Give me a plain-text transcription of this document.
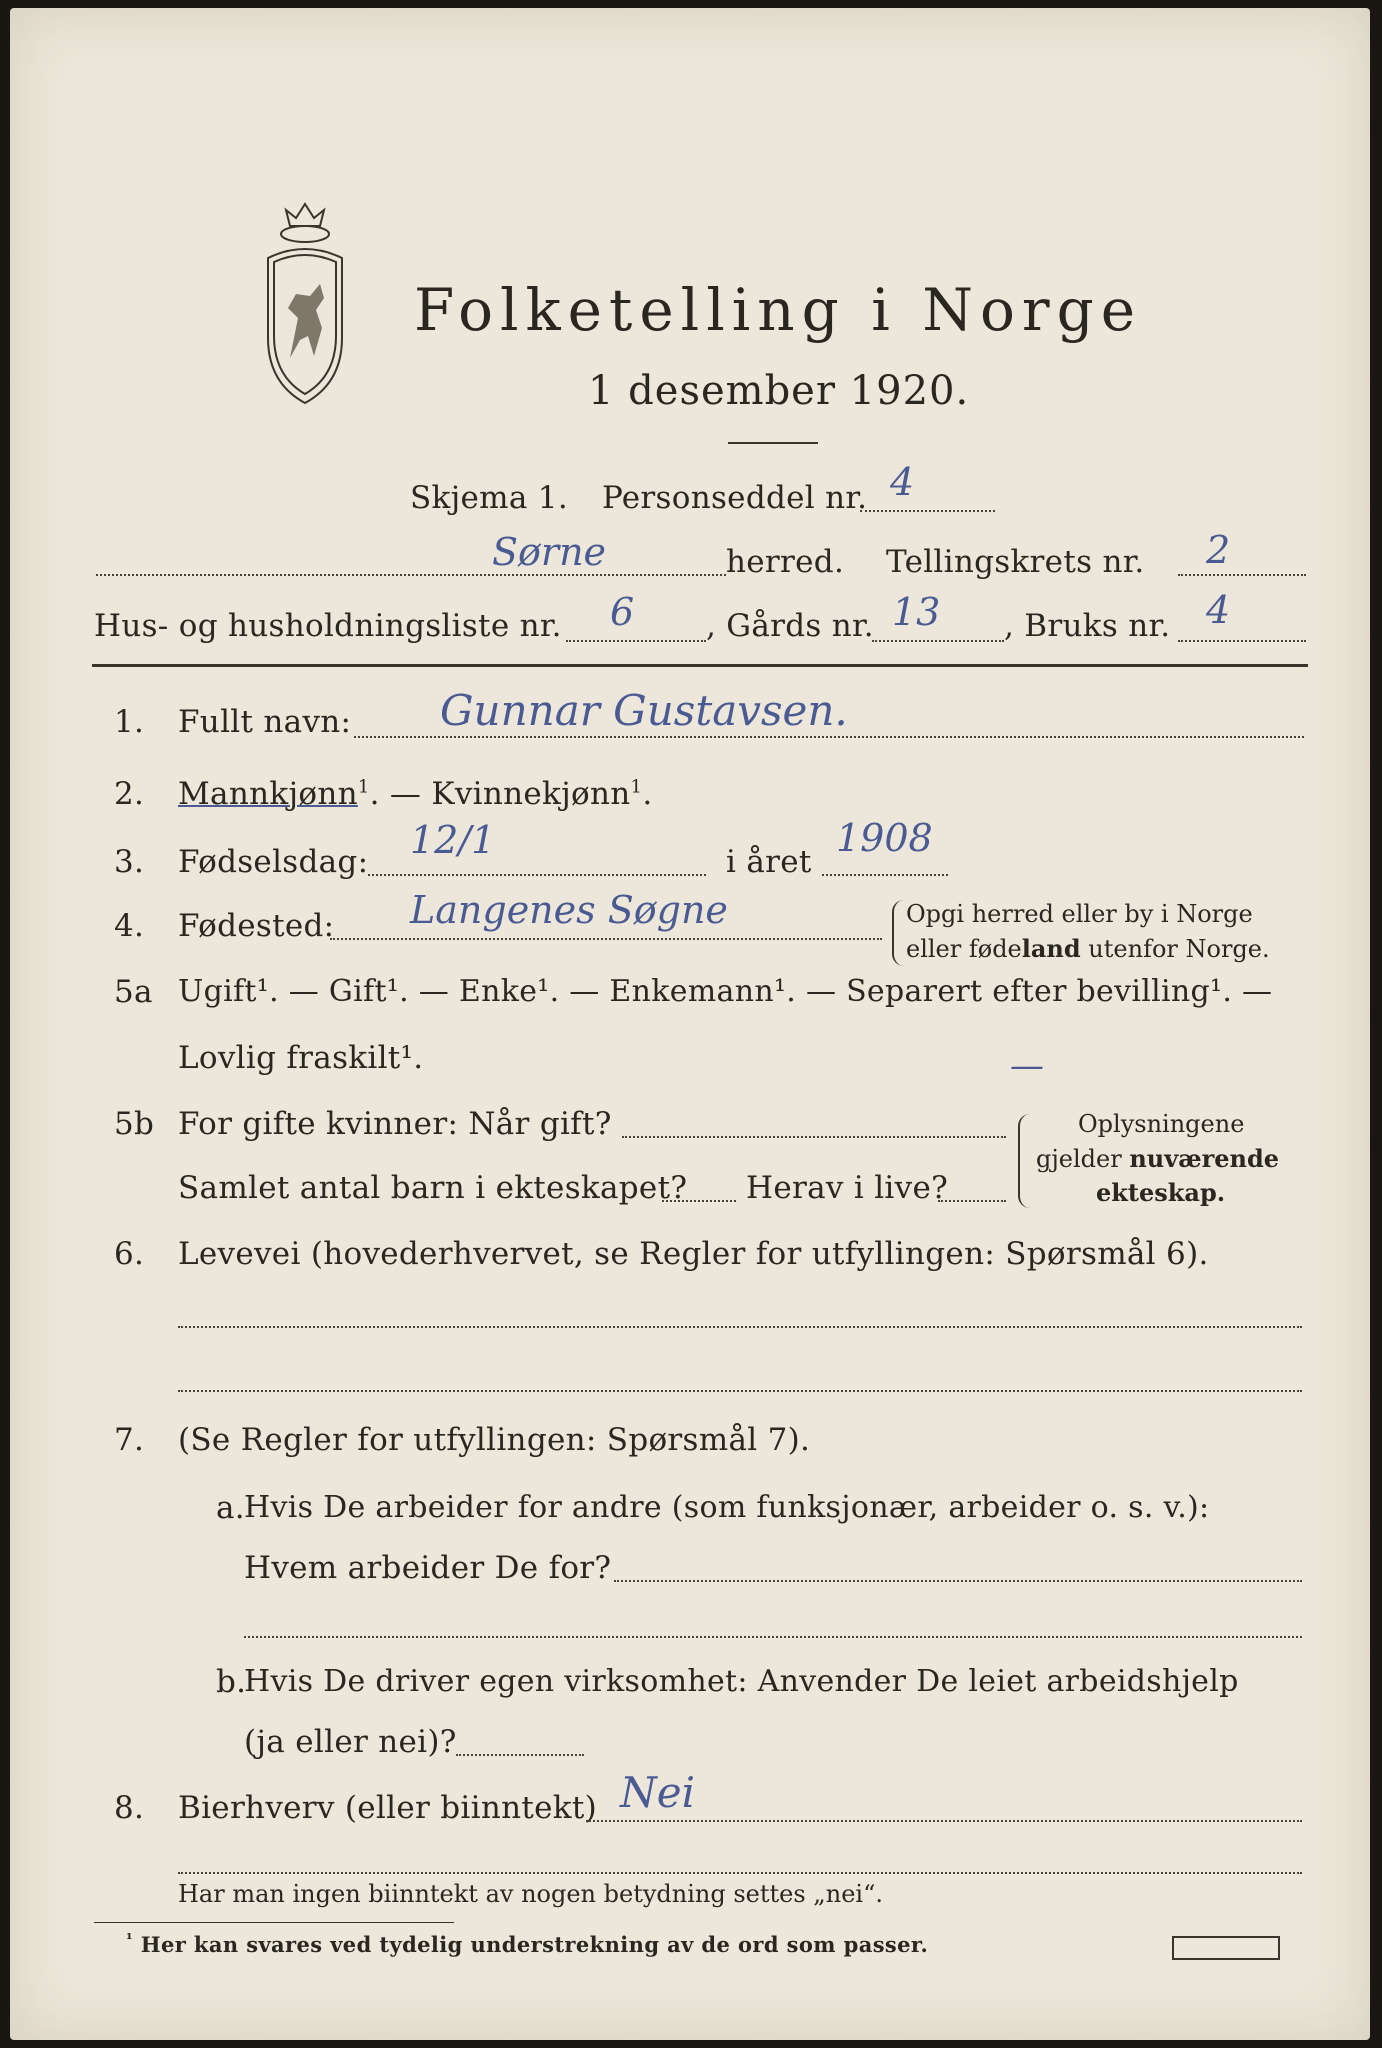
Folketelling i Norge
1 desember 1920.
Skjema 1. Personseddel nr. 4
Sørne	herred. Tellingskrets nr. 2
Hus- og husholdningsliste nr. 6 , Gårds nr. 13 , Bruks nr. 4
1. Fullt navn: Gunnar Gustavsen.
2. Mannkjønn$^1$. — Kvinnekjønn$^1$.
3. Fødselsdag: 12/1	i året
1908
4. Fødested: Langenes Søgne	Opgi herred eller by i Norge
eller fødeland utenfor Norge.
5a Ugift¹. — Gift¹. — Enke¹. — Enkemann¹. — Separert efter bevilling¹. —
Lovlig fraskilt¹.	—
5b For gifte kvinner: Når gift?
Samlet antal barn i ekteskapet? Herav i live?
Oplysningene
gjelder nuværende
ekteskap.
6. Levevei (hovederhvervet, se Regler for utfyllingen: Spørsmål 6).
7. (Se Regler for utfyllingen: Spørsmål 7).
a. Hvis De arbeider for andre (som funksjonær, arbeider o. s. v.):
Hvem arbeider De for?
b.
Hvis De driver egen virksomhet: Anvender De leiet arbeidshjelp
(ja eller nei)?
8. Bierhverv (eller biinntekt) Nei
Har man ingen biinntekt av nogen betydning settes „nei“.
$^{^1}$ Her kan svares ved tydelig understrekning av de ord som passer.
